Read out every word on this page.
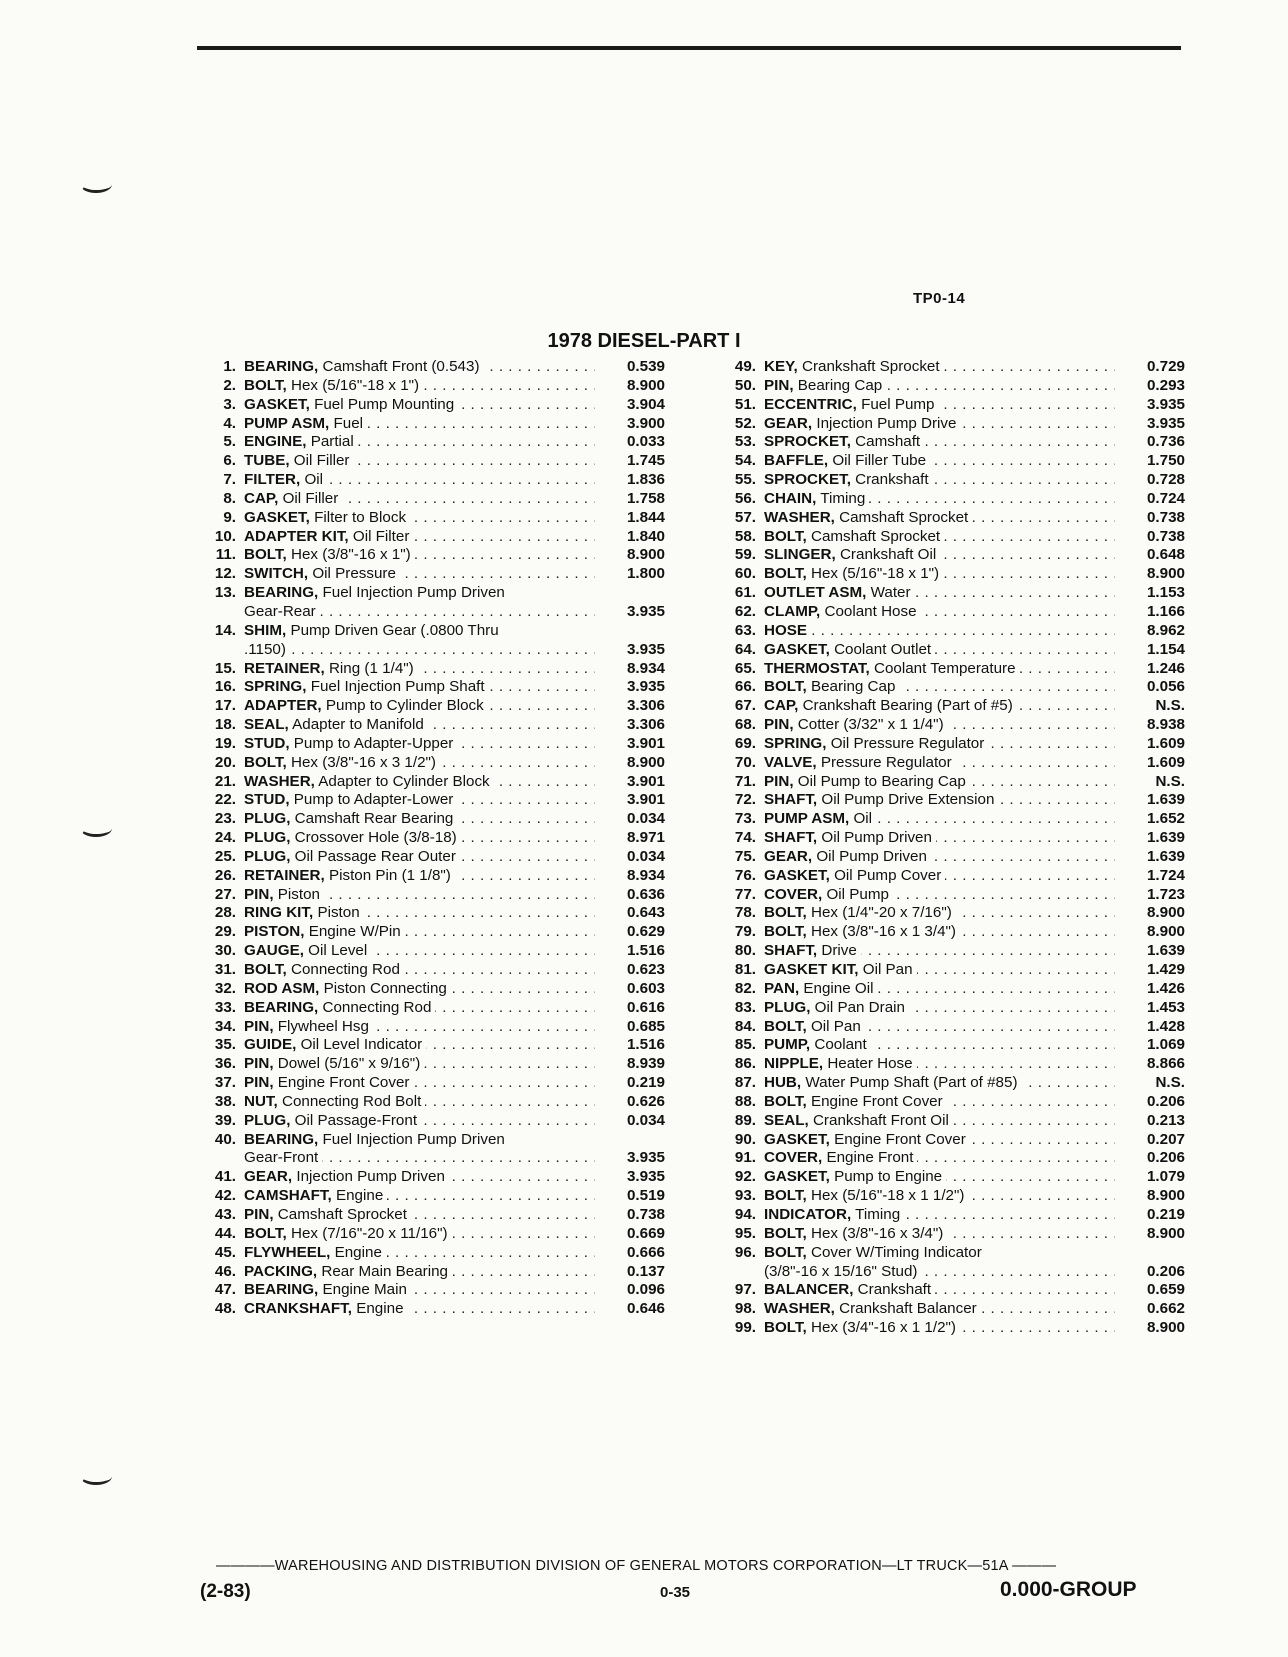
TP0-14
1978 DIESEL-PART I
1. BEARING, Camshaft Front (0.543) . . .	0.539
2. BOLT, Hex (5/16"-18 x 1") . . .	8.900
3. GASKET, Fuel Pump Mounting . . .	3.904
4. PUMP ASM, Fuel . . .	3.900
5. ENGINE, Partial . . .	0.033
6. TUBE, Oil Filler . . .	1.745
7. FILTER, Oil . . .	1.836
8. CAP, Oil Filler . . .	1.758
9. GASKET, Filter to Block . . .	1.844
10. ADAPTER KIT, Oil Filter . . .	1.840
11. BOLT, Hex (3/8"-16 x 1") . . .	8.900
12. SWITCH, Oil Pressure . . .	1.800
13. BEARING, Fuel Injection Pump Driven
Gear-Rear . . .	3.935
14. SHIM, Pump Driven Gear (.0800 Thru
.1150) . . .	3.935
15. RETAINER, Ring (1 1/4") . . .	8.934
16. SPRING, Fuel Injection Pump Shaft . . .	3.935
17. ADAPTER, Pump to Cylinder Block . . .	3.306
18. SEAL, Adapter to Manifold . . .	3.306
19. STUD, Pump to Adapter-Upper . . .	3.901
20. BOLT, Hex (3/8"-16 x 3 1/2") . . .	8.900
21. WASHER, Adapter to Cylinder Block . . .	3.901
22. STUD, Pump to Adapter-Lower . . .	3.901
23. PLUG, Camshaft Rear Bearing . . .	0.034
24. PLUG, Crossover Hole (3/8-18) . . .	8.971
25. PLUG, Oil Passage Rear Outer . . .	0.034
26. RETAINER, Piston Pin (1 1/8") . . .	8.934
27. PIN, Piston . . .	0.636
28. RING KIT, Piston . . .	0.643
29. PISTON, Engine W/Pin . . .	0.629
30. GAUGE, Oil Level . . .	1.516
31. BOLT, Connecting Rod . . .	0.623
32. ROD ASM, Piston Connecting . . .	0.603
33. BEARING, Connecting Rod . . .	0.616
34. PIN, Flywheel Hsg . . .	0.685
35. GUIDE, Oil Level Indicator . . .	1.516
36. PIN, Dowel (5/16" x 9/16") . . .	8.939
37. PIN, Engine Front Cover . . .	0.219
38. NUT, Connecting Rod Bolt . . .	0.626
39. PLUG, Oil Passage-Front . . .	0.034
40. BEARING, Fuel Injection Pump Driven
Gear-Front . . .	3.935
41. GEAR, Injection Pump Driven . . .	3.935
42. CAMSHAFT, Engine . . .	0.519
43. PIN, Camshaft Sprocket . . .	0.738
44. BOLT, Hex (7/16"-20 x 11/16") . . .	0.669
45. FLYWHEEL, Engine . . .	0.666
46. PACKING, Rear Main Bearing . . .	0.137
47. BEARING, Engine Main . . .	0.096
48. CRANKSHAFT, Engine . . .	0.646
49. KEY, Crankshaft Sprocket . . .	0.729
50. PIN, Bearing Cap . . .	0.293
51. ECCENTRIC, Fuel Pump . . .	3.935
52. GEAR, Injection Pump Drive . . .	3.935
53. SPROCKET, Camshaft . . .	0.736
54. BAFFLE, Oil Filler Tube . . .	1.750
55. SPROCKET, Crankshaft . . .	0.728
56. CHAIN, Timing . . .	0.724
57. WASHER, Camshaft Sprocket . . .	0.738
58. BOLT, Camshaft Sprocket . . .	0.738
59. SLINGER, Crankshaft Oil . . .	0.648
60. BOLT, Hex (5/16"-18 x 1") . . .	8.900
61. OUTLET ASM, Water . . .	1.153
62. CLAMP, Coolant Hose . . .	1.166
63. HOSE . . .	8.962
64. GASKET, Coolant Outlet . . .	1.154
65. THERMOSTAT, Coolant Temperature . . .	1.246
66. BOLT, Bearing Cap . . .	0.056
67. CAP, Crankshaft Bearing (Part of #5) . . .	N.S.
68. PIN, Cotter (3/32" x 1 1/4") . . .	8.938
69. SPRING, Oil Pressure Regulator . . .	1.609
70. VALVE, Pressure Regulator . . .	1.609
71. PIN, Oil Pump to Bearing Cap . . .	N.S.
72. SHAFT, Oil Pump Drive Extension . . .	1.639
73. PUMP ASM, Oil . . .	1.652
74. SHAFT, Oil Pump Driven . . .	1.639
75. GEAR, Oil Pump Driven . . .	1.639
76. GASKET, Oil Pump Cover . . .	1.724
77. COVER, Oil Pump . . .	1.723
78. BOLT, Hex (1/4"-20 x 7/16") . . .	8.900
79. BOLT, Hex (3/8"-16 x 1 3/4") . . .	8.900
80. SHAFT, Drive . . .	1.639
81. GASKET KIT, Oil Pan . . .	1.429
82. PAN, Engine Oil . . .	1.426
83. PLUG, Oil Pan Drain . . .	1.453
84. BOLT, Oil Pan . . .	1.428
85. PUMP, Coolant . . .	1.069
86. NIPPLE, Heater Hose . . .	8.866
87. HUB, Water Pump Shaft (Part of #85) . . .	N.S.
88. BOLT, Engine Front Cover . . .	0.206
89. SEAL, Crankshaft Front Oil . . .	0.213
90. GASKET, Engine Front Cover . . .	0.207
91. COVER, Engine Front . . .	0.206
92. GASKET, Pump to Engine . . .	1.079
93. BOLT, Hex (5/16"-18 x 1 1/2") . . .	8.900
94. INDICATOR, Timing . . .	0.219
95. BOLT, Hex (3/8"-16 x 3/4") . . .	8.900
96. BOLT, Cover W/Timing Indicator
(3/8"-16 x 15/16" Stud) . . .	0.206
97. BALANCER, Crankshaft . . .	0.659
98. WASHER, Crankshaft Balancer . . .	0.662
99. BOLT, Hex (3/4"-16 x 1 1/2") . . .	8.900
————WAREHOUSING AND DISTRIBUTION DIVISION OF GENERAL MOTORS CORPORATION—LT TRUCK—51A ———
(2-83)	0-35	0.000-GROUP
